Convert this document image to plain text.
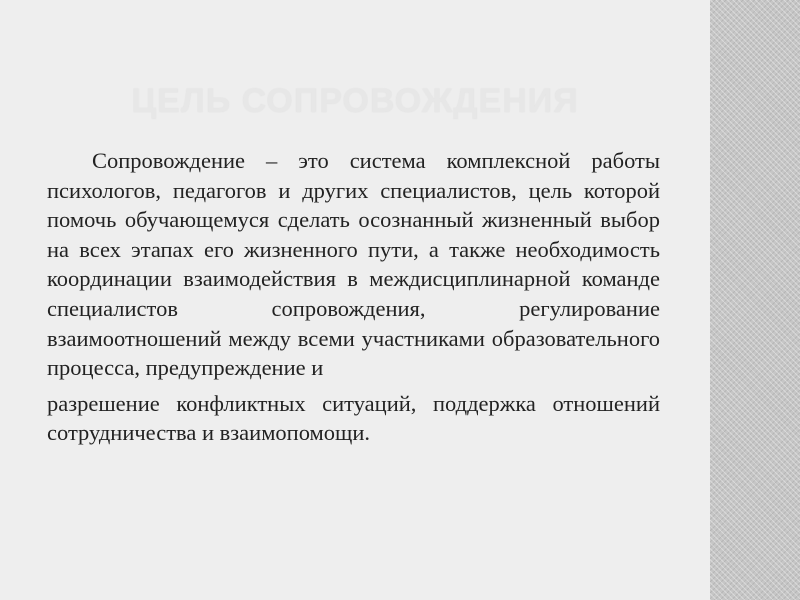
ЦЕЛЬ СОПРОВОЖДЕНИЯ

Сопровождение – это система комплексной работы психологов, педагогов и других специалистов, цель которой помочь обучающемуся сделать осознанный жизненный выбор на всех этапах его жизненного пути, а также необходимость координации взаимодействия в междисциплинарной команде специалистов сопровождения, регулирование взаимоотношений между всеми участниками образовательного процесса, предупреждение и

разрешение конфликтных ситуаций, поддержка отношений сотрудничества и взаимопомощи.
